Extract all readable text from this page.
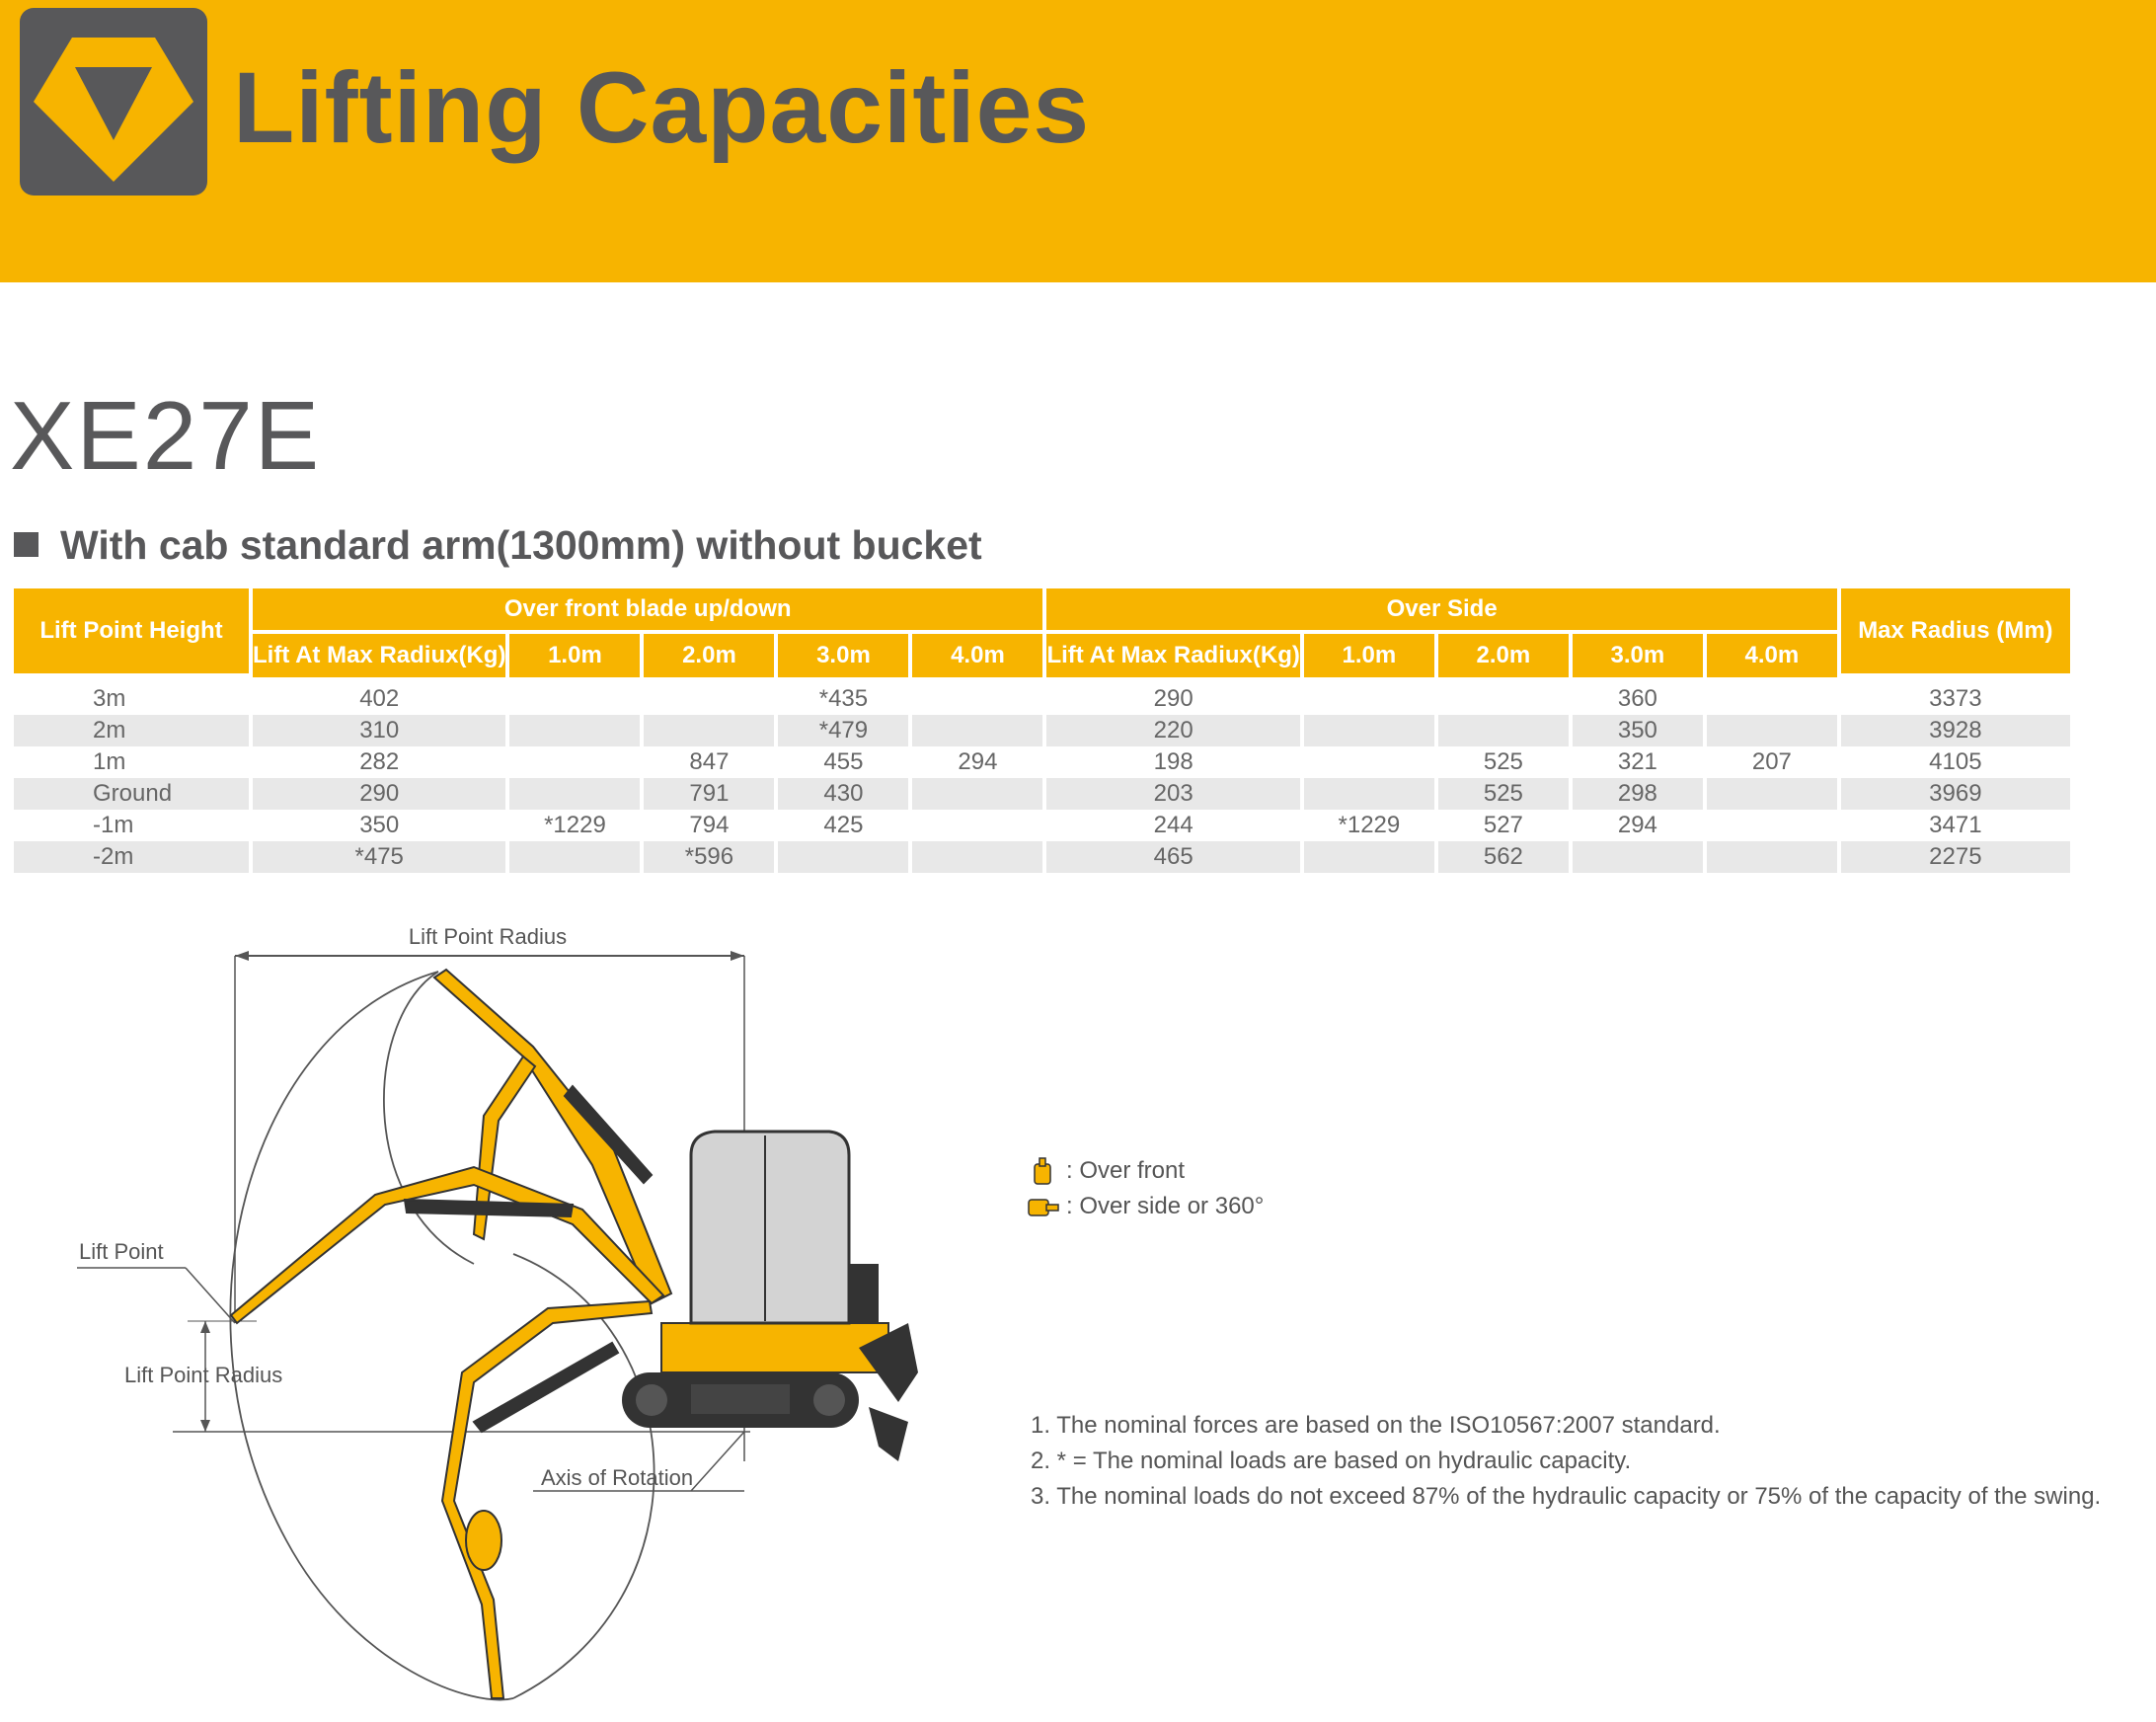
Lifting Capacities
XE27E
With cab standard arm(1300mm) without bucket
Lift Point Height	Over front blade up/down					Over Side					Max Radius (Mm)
	Lift At Max Radiux(Kg)	1.0m	2.0m	3.0m	4.0m	Lift At Max Radiux(Kg)	1.0m	2.0m	3.0m	4.0m	

3m	402			*435		290			360		3373
2m	310			*479		220			350		3928
1m	282		847	455	294	198		525	321	207	4105
Ground	290		791	430		203		525	298		3969
-1m	350	*1229	794	425		244	*1229	527	294		3471
-2m	*475		*596			465		562			2275
Lift Point Radius
Lift Point
Lift Point Radius
Axis of Rotation
: Over front
: Over side or 360°
1. The nominal forces are based on the ISO10567:2007 standard.
2. * = The nominal loads are based on hydraulic capacity.
3. The nominal loads do not exceed 87% of the hydraulic capacity or 75% of the capacity of the swing.
